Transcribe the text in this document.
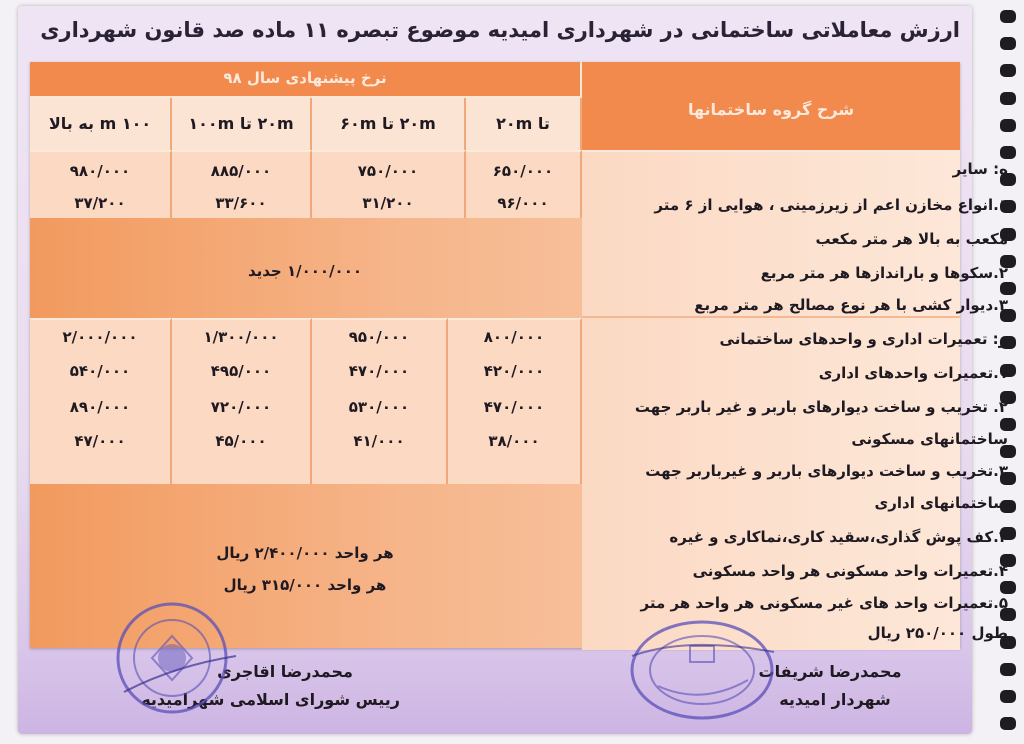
ارزش معاملاتی ساختمانی در شهرداری امیدیه موضوع تبصره ۱۱ ماده صد قانون شهرداری
نرخ پیشنهادی سال ۹۸
شرح گروه ساختمانها
تا ۲۰m
۲۰m تا ۶۰m
۲۰m تا ۱۰۰m
۱۰۰ m به بالا
۶۵۰/۰۰۰
۹۶/۰۰۰
۷۵۰/۰۰۰
۳۱/۲۰۰
۸۸۵/۰۰۰
۳۳/۶۰۰
۹۸۰/۰۰۰
۳۷/۲۰۰
۱/۰۰۰/۰۰۰ جدید
۸۰۰/۰۰۰
۴۲۰/۰۰۰
۴۷۰/۰۰۰
۳۸/۰۰۰
۹۵۰/۰۰۰
۴۷۰/۰۰۰
۵۳۰/۰۰۰
۴۱/۰۰۰
۱/۳۰۰/۰۰۰
۴۹۵/۰۰۰
۷۲۰/۰۰۰
۴۵/۰۰۰
۲/۰۰۰/۰۰۰
۵۴۰/۰۰۰
۸۹۰/۰۰۰
۴۷/۰۰۰
هر واحد ۲/۴۰۰/۰۰۰ ریال
هر واحد ۳۱۵/۰۰۰ ریال
ه: سایر
۱.انواع مخازن اعم از زیرزمینی ، هوایی از ۶ متر
مکعب به بالا هر متر مکعب
۲.سکوها و باراندازها هر متر مربع
۳.دیوار کشی با هر نوع مصالح هر متر مربع
و: تعمیرات اداری و واحدهای ساختمانی
۱.تعمیرات واحدهای اداری
۲. تخریب و ساخت دیوارهای باربر و غیر باربر جهت
ساختمانهای مسکونی
۳.تخریب و ساخت دیوارهای باربر و غیرباربر جهت
ساختمانهای اداری
۴.کف پوش گذاری،سقید کاری،نماکاری و غیره
۴.تعمیرات واحد مسکونی هر واحد مسکونی
۵.تعمیرات واحد های غیر مسکونی هر واحد هر متر
طول ۲۵۰/۰۰۰ ریال
محمدرضا اقاجری
رییس شورای اسلامی شهرامیدیه
محمدرضا شریفات
شهردار امیدیه
